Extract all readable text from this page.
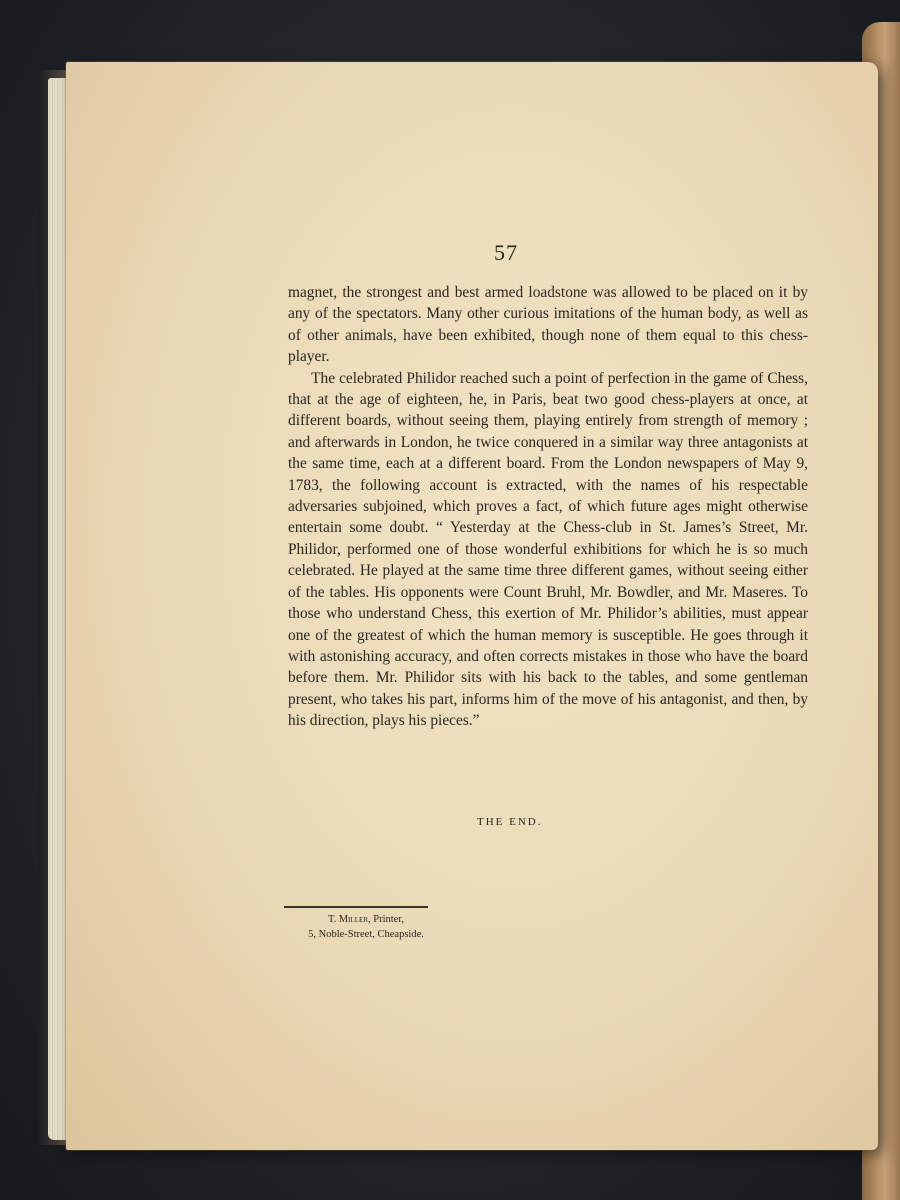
57

magnet, the strongest and best armed loadstone was allowed to be placed on it by any of the spectators. Many other curious imitations of the human body, as well as of other animals, have been exhibited, though none of them equal to this chess-player.

The celebrated Philidor reached such a point of perfection in the game of Chess, that at the age of eighteen, he, in Paris, beat two good chess-players at once, at different boards, without seeing them, playing entirely from strength of memory ; and afterwards in London, he twice conquered in a similar way three antagonists at the same time, each at a different board. From the London newspapers of May 9, 1783, the following account is extracted, with the names of his respectable adversaries subjoined, which proves a fact, of which future ages might otherwise entertain some doubt. “ Yesterday at the Chess-club in St. James’s Street, Mr. Philidor, performed one of those wonderful exhibitions for which he is so much celebrated. He played at the same time three different games, without seeing either of the tables. His opponents were Count Bruhl, Mr. Bowdler, and Mr. Maseres. To those who understand Chess, this exertion of Mr. Philidor’s abilities, must appear one of the greatest of which the human memory is susceptible. He goes through it with astonishing accuracy, and often corrects mistakes in those who have the board before them. Mr. Philidor sits with his back to the tables, and some gentleman present, who takes his part, informs him of the move of his antagonist, and then, by his direction, plays his pieces.”

THE END.
T. Miller, Printer,
5, Noble-Street, Cheapside.
